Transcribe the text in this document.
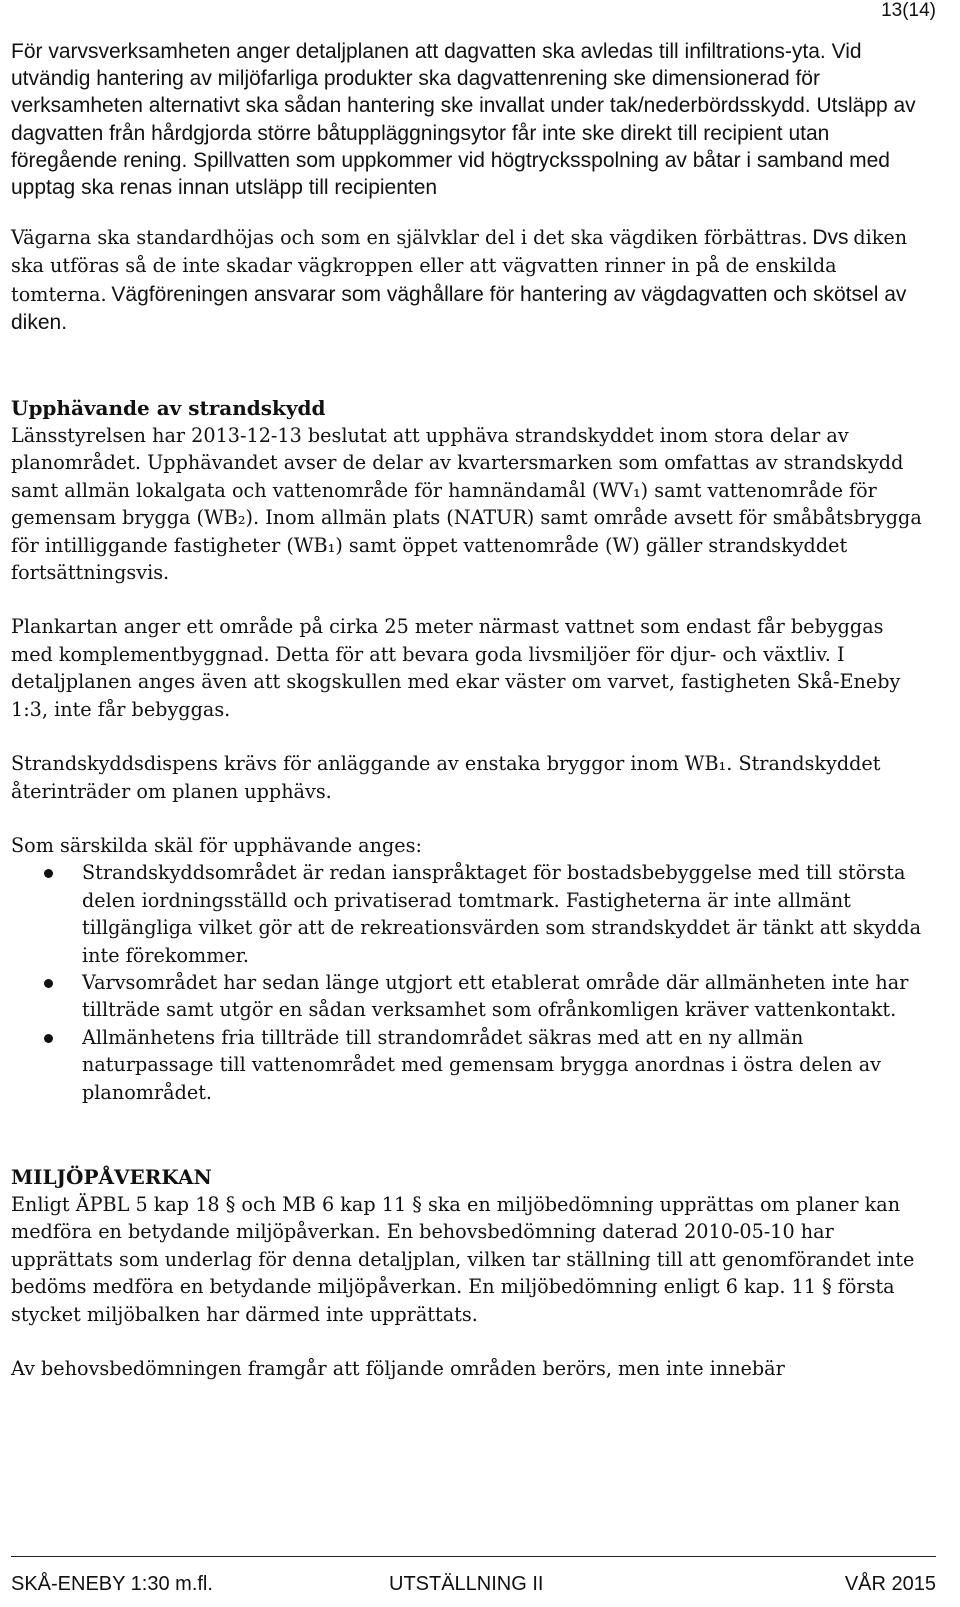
13(14)

För varvsverksamheten anger detaljplanen att dagvatten ska avledas till infiltrations-yta. Vid utvändig hantering av miljöfarliga produkter ska dagvattenrening ske dimensionerad för verksamheten alternativt ska sådan hantering ske invallat under tak/nederbördsskydd. Utsläpp av dagvatten från hårdgjorda större båtuppläggningsytor får inte ske direkt till recipient utan föregående rening. Spillvatten som uppkommer vid högtrycksspolning av båtar i samband med upptag ska renas innan utsläpp till recipienten

Vägarna ska standardhöjas och som en självklar del i det ska vägdiken förbättras. Dvs diken ska utföras så de inte skadar vägkroppen eller att vägvatten rinner in på de enskilda tomterna. Vägföreningen ansvarar som väghållare för hantering av vägdagvatten och skötsel av diken.

Upphävande av strandskydd

Länsstyrelsen har 2013-12-13 beslutat att upphäva strandskyddet inom stora delar av planområdet. Upphävandet avser de delar av kvartersmarken som omfattas av strandskydd samt allmän lokalgata och vattenområde för hamnändamål (WV₁) samt vattenområde för gemensam brygga (WB₂). Inom allmän plats (NATUR) samt område avsett för småbåtsbrygga för intilliggande fastigheter (WB₁) samt öppet vattenområde (W) gäller strandskyddet fortsättningsvis.

Plankartan anger ett område på cirka 25 meter närmast vattnet som endast får bebyggas med komplementbyggnad. Detta för att bevara goda livsmiljöer för djur- och växtliv. I detaljplanen anges även att skogskullen med ekar väster om varvet, fastigheten Skå-Eneby 1:3, inte får bebyggas.

Strandskyddsdispens krävs för anläggande av enstaka bryggor inom WB₁. Strandskyddet återinträder om planen upphävs.

Som särskilda skäl för upphävande anges:

Strandskyddsområdet är redan ianspråktaget för bostadsbebyggelse med till största delen iordningsställd och privatiserad tomtmark. Fastigheterna är inte allmänt tillgängliga vilket gör att de rekreationsvärden som strandskyddet är tänkt att skydda inte förekommer.
Varvsområdet har sedan länge utgjort ett etablerat område där allmänheten inte har tillträde samt utgör en sådan verksamhet som ofrånkomligen kräver vattenkontakt.
Allmänhetens fria tillträde till strandområdet säkras med att en ny allmän naturpassage till vattenområdet med gemensam brygga anordnas i östra delen av planområdet.
MILJÖPÅVERKAN

Enligt ÄPBL 5 kap 18 § och MB 6 kap 11 § ska en miljöbedömning upprättas om planer kan medföra en betydande miljöpåverkan. En behovsbedömning daterad 2010-05-10 har upprättats som underlag för denna detaljplan, vilken tar ställning till att genomförandet inte bedöms medföra en betydande miljöpåverkan. En miljöbedömning enligt 6 kap. 11 § första stycket miljöbalken har därmed inte upprättats.

Av behovsbedömningen framgår att följande områden berörs, men inte innebär

SKÅ-ENEBY 1:30 m.fl.	UTSTÄLLNING II	VÅR 2015
